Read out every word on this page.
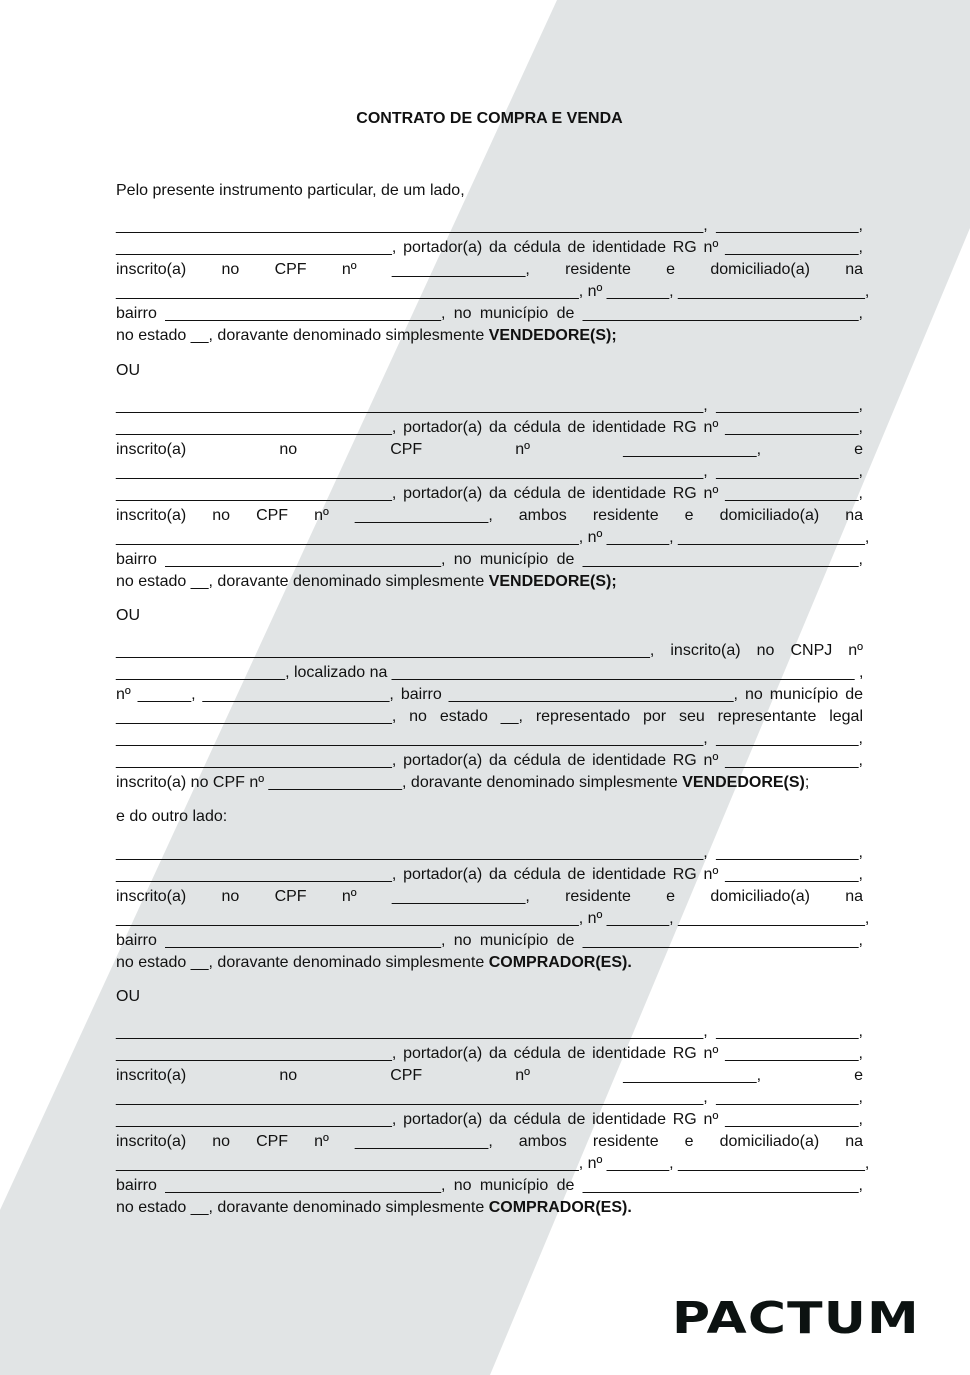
CONTRATO DE COMPRA E VENDA
Pelo presente instrumento particular, de um lado,
__________________________________________________________________, ________________,
_______________________________, portador(a) da cédula de identidade RG nº _______________,
inscrito(a) no CPF nº _______________, residente e domiciliado(a) na
____________________________________________________, nº _______, _____________________,
bairro _______________________________, no município de _______________________________,
no estado __, doravante denominado simplesmente VENDEDORE(S);
OU
__________________________________________________________________, ________________,
_______________________________, portador(a) da cédula de identidade RG nº _______________,
inscrito(a) no CPF nº _______________, e
__________________________________________________________________, ________________,
_______________________________, portador(a) da cédula de identidade RG nº _______________,
inscrito(a) no CPF nº _______________, ambos residente e domiciliado(a) na
____________________________________________________, nº _______, _____________________,
bairro _______________________________, no município de _______________________________,
no estado __, doravante denominado simplesmente VENDEDORE(S);
OU
____________________________________________________________, inscrito(a) no CNPJ nº
___________________, localizado na ____________________________________________________ ,
nº ______, _____________________, bairro ________________________________, no município de
_______________________________, no estado __, representado por seu representante legal
__________________________________________________________________, ________________,
_______________________________, portador(a) da cédula de identidade RG nº _______________,
inscrito(a) no CPF nº _______________, doravante denominado simplesmente VENDEDORE(S);
e do outro lado:
__________________________________________________________________, ________________,
_______________________________, portador(a) da cédula de identidade RG nº _______________,
inscrito(a) no CPF nº _______________, residente e domiciliado(a) na
____________________________________________________, nº _______, _____________________,
bairro _______________________________, no município de _______________________________,
no estado __, doravante denominado simplesmente COMPRADOR(ES).
OU
__________________________________________________________________, ________________,
_______________________________, portador(a) da cédula de identidade RG nº _______________,
inscrito(a) no CPF nº _______________, e
__________________________________________________________________, ________________,
_______________________________, portador(a) da cédula de identidade RG nº _______________,
inscrito(a) no CPF nº _______________, ambos residente e domiciliado(a) na
____________________________________________________, nº _______, _____________________,
bairro _______________________________, no município de _______________________________,
no estado __, doravante denominado simplesmente COMPRADOR(ES).
PACTUM
